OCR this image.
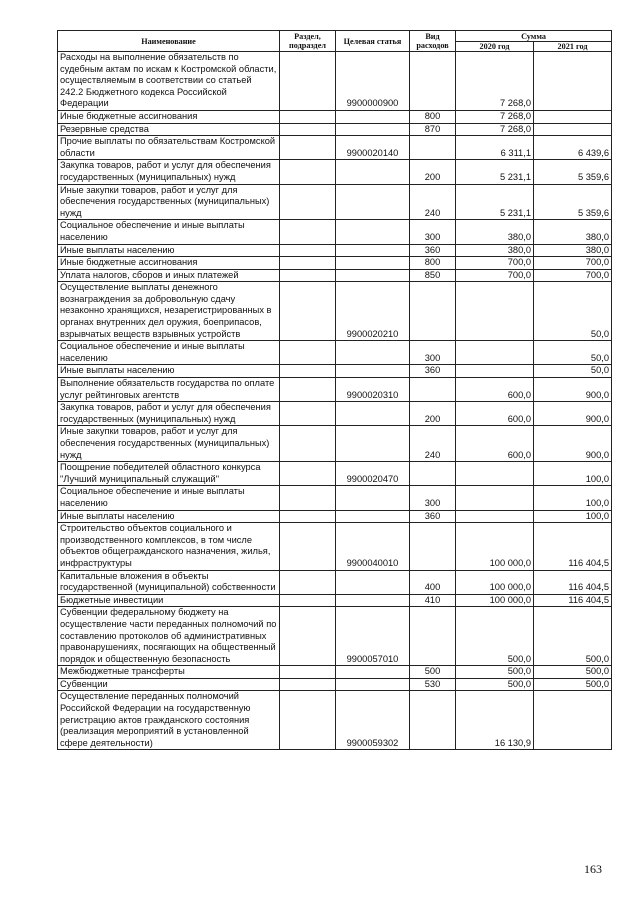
Наименование	Раздел, подраздел	Целевая статья	Вид расходов	Сумма	
				2020 год	2021 год
Расходы на выполнение обязательств по судебным актам по искам к Костромской области, осуществляемым в соответствии со статьей 242.2 Бюджетного кодекса Российской Федерации		9900000900		7 268,0	
Иные бюджетные ассигнования			800	7 268,0	
Резервные средства			870	7 268,0	
Прочие выплаты по обязательствам Костромской области		9900020140		6 311,1	6 439,6
Закупка товаров, работ и услуг для обеспечения государственных (муниципальных) нужд			200	5 231,1	5 359,6
Иные закупки товаров, работ и услуг для обеспечения государственных (муниципальных) нужд			240	5 231,1	5 359,6
Социальное обеспечение и иные выплаты населению			300	380,0	380,0
Иные выплаты населению			360	380,0	380,0
Иные бюджетные ассигнования			800	700,0	700,0
Уплата налогов, сборов и иных платежей			850	700,0	700,0
Осуществление выплаты денежного вознаграждения за добровольную сдачу незаконно хранящихся, незарегистрированных в органах внутренних дел оружия, боеприпасов, взрывчатых веществ взрывных устройств		9900020210			50,0
Социальное обеспечение и иные выплаты населению			300		50,0
Иные выплаты населению			360		50,0
Выполнение обязательств государства по оплате услуг рейтинговых агентств		9900020310		600,0	900,0
Закупка товаров, работ и услуг для обеспечения государственных (муниципальных) нужд			200	600,0	900,0
Иные закупки товаров, работ и услуг для обеспечения государственных (муниципальных) нужд			240	600,0	900,0
Поощрение победителей областного конкурса "Лучший муниципальный служащий"		9900020470			100,0
Социальное обеспечение и иные выплаты населению			300		100,0
Иные выплаты населению			360		100,0
Строительство объектов социального и производственного комплексов, в том числе объектов общегражданского назначения, жилья, инфраструктуры		9900040010		100 000,0	116 404,5
Капитальные вложения в объекты государственной (муниципальной) собственности			400	100 000,0	116 404,5
Бюджетные инвестиции			410	100 000,0	116 404,5
Субвенции федеральному бюджету на осуществление части переданных полномочий по составлению протоколов об административных правонарушениях, посягающих на общественный порядок и общественную безопасность		9900057010		500,0	500,0
Межбюджетные трансферты			500	500,0	500,0
Субвенции			530	500,0	500,0
Осуществление переданных полномочий Российской Федерации на государственную регистрацию актов гражданского состояния (реализация мероприятий в установленной сфере деятельности)		9900059302		16 130,9	
163
